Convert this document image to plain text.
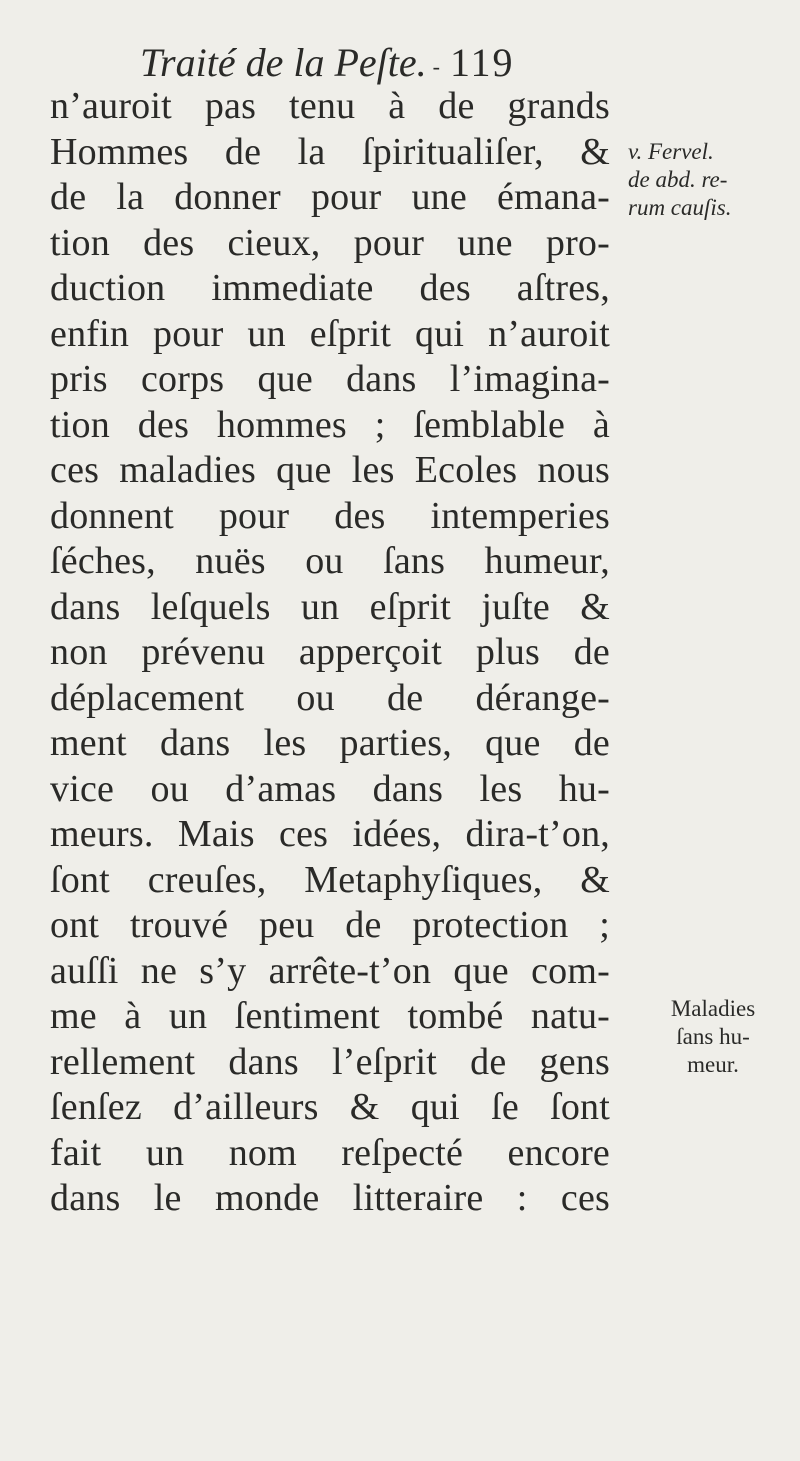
Traité de la Peſte. - 119
n’auroit pas tenu à de grands
Hommes de la ſpiritualiſer, &
de la donner pour une émana-
tion des cieux, pour une pro-
duction immediate des aſtres,
enfin pour un eſprit qui n’auroit
pris corps que dans l’imagina-
tion des hommes ; ſemblable à
ces maladies que les Ecoles nous
donnent pour des intemperies
ſéches, nuës ou ſans humeur,
dans leſquels un eſprit juſte &
non prévenu apperçoit plus de
déplacement ou de dérange-
ment dans les parties, que de
vice ou d’amas dans les hu-
meurs. Mais ces idées, dira-t’on,
ſont creuſes, Metaphyſiques, &
ont trouvé peu de protection ;
auſſi ne s’y arrête-t’on que com-
me à un ſentiment tombé natu-
rellement dans l’eſprit de gens
ſenſez d’ailleurs & qui ſe ſont
fait un nom reſpecté encore
dans le monde litteraire : ces
v. Fervel.
de abd. re-
rum cauſis.
Maladies
ſans hu-
meur.
